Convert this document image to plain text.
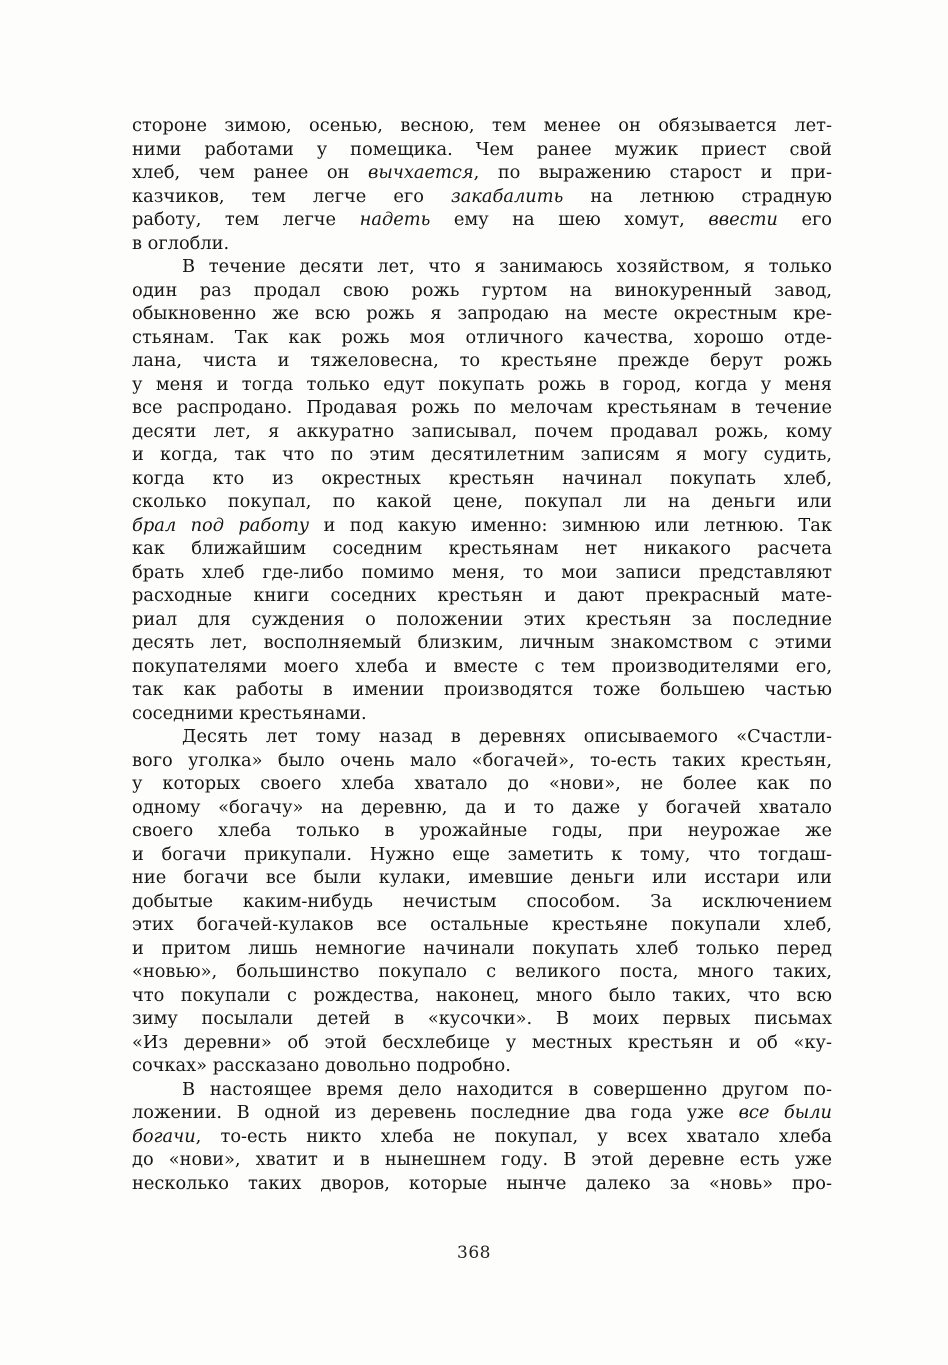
стороне зимою, осенью, весною, тем менее он обязывается лет-
ними работами у помещика. Чем ранее мужик приест свой
хлеб, чем ранее он вычхается, по выражению старост и при-
казчиков, тем легче его закабалить на летнюю страдную
работу, тем легче надеть ему на шею хомут, ввести его
в оглобли.
В течение десяти лет, что я занимаюсь хозяйством, я только
один раз продал свою рожь гуртом на винокуренный завод,
обыкновенно же всю рожь я запродаю на месте окрестным кре-
стьянам. Так как рожь моя отличного качества, хорошо отде-
лана, чиста и тяжеловесна, то крестьяне прежде берут рожь
у меня и тогда только едут покупать рожь в город, когда у меня
все распродано. Продавая рожь по мелочам крестьянам в течение
десяти лет, я аккуратно записывал, почем продавал рожь, кому
и когда, так что по этим десятилетним записям я могу судить,
когда кто из окрестных крестьян начинал покупать хлеб,
сколько покупал, по какой цене, покупал ли на деньги или
брал под работу и под какую именно: зимнюю или летнюю. Так
как ближайшим соседним крестьянам нет никакого расчета
брать хлеб где-либо помимо меня, то мои записи представляют
расходные книги соседних крестьян и дают прекрасный мате-
риал для суждения о положении этих крестьян за последние
десять лет, восполняемый близким, личным знакомством с этими
покупателями моего хлеба и вместе с тем производителями его,
так как работы в имении производятся тоже большею частью
соседними крестьянами.
Десять лет тому назад в деревнях описываемого «Счастли-
вого уголка» было очень мало «богачей», то-есть таких крестьян,
у которых своего хлеба хватало до «нови», не более как по
одному «богачу» на деревню, да и то даже у богачей хватало
своего хлеба только в урожайные годы, при неурожае же
и богачи прикупали. Нужно еще заметить к тому, что тогдаш-
ние богачи все были кулаки, имевшие деньги или исстари или
добытые каким-нибудь нечистым способом. За исключением
этих богачей-кулаков все остальные крестьяне покупали хлеб,
и притом лишь немногие начинали покупать хлеб только перед
«новью», большинство покупало с великого поста, много таких,
что покупали с рождества, наконец, много было таких, что всю
зиму посылали детей в «кусочки». В моих первых письмах
«Из деревни» об этой бесхлебице у местных крестьян и об «ку-
сочках» рассказано довольно подробно.
В настоящее время дело находится в совершенно другом по-
ложении. В одной из деревень последние два года уже все были
богачи, то-есть никто хлеба не покупал, у всех хватало хлеба
до «нови», хватит и в нынешнем году. В этой деревне есть уже
несколько таких дворов, которые нынче далеко за «новь» про-
368
